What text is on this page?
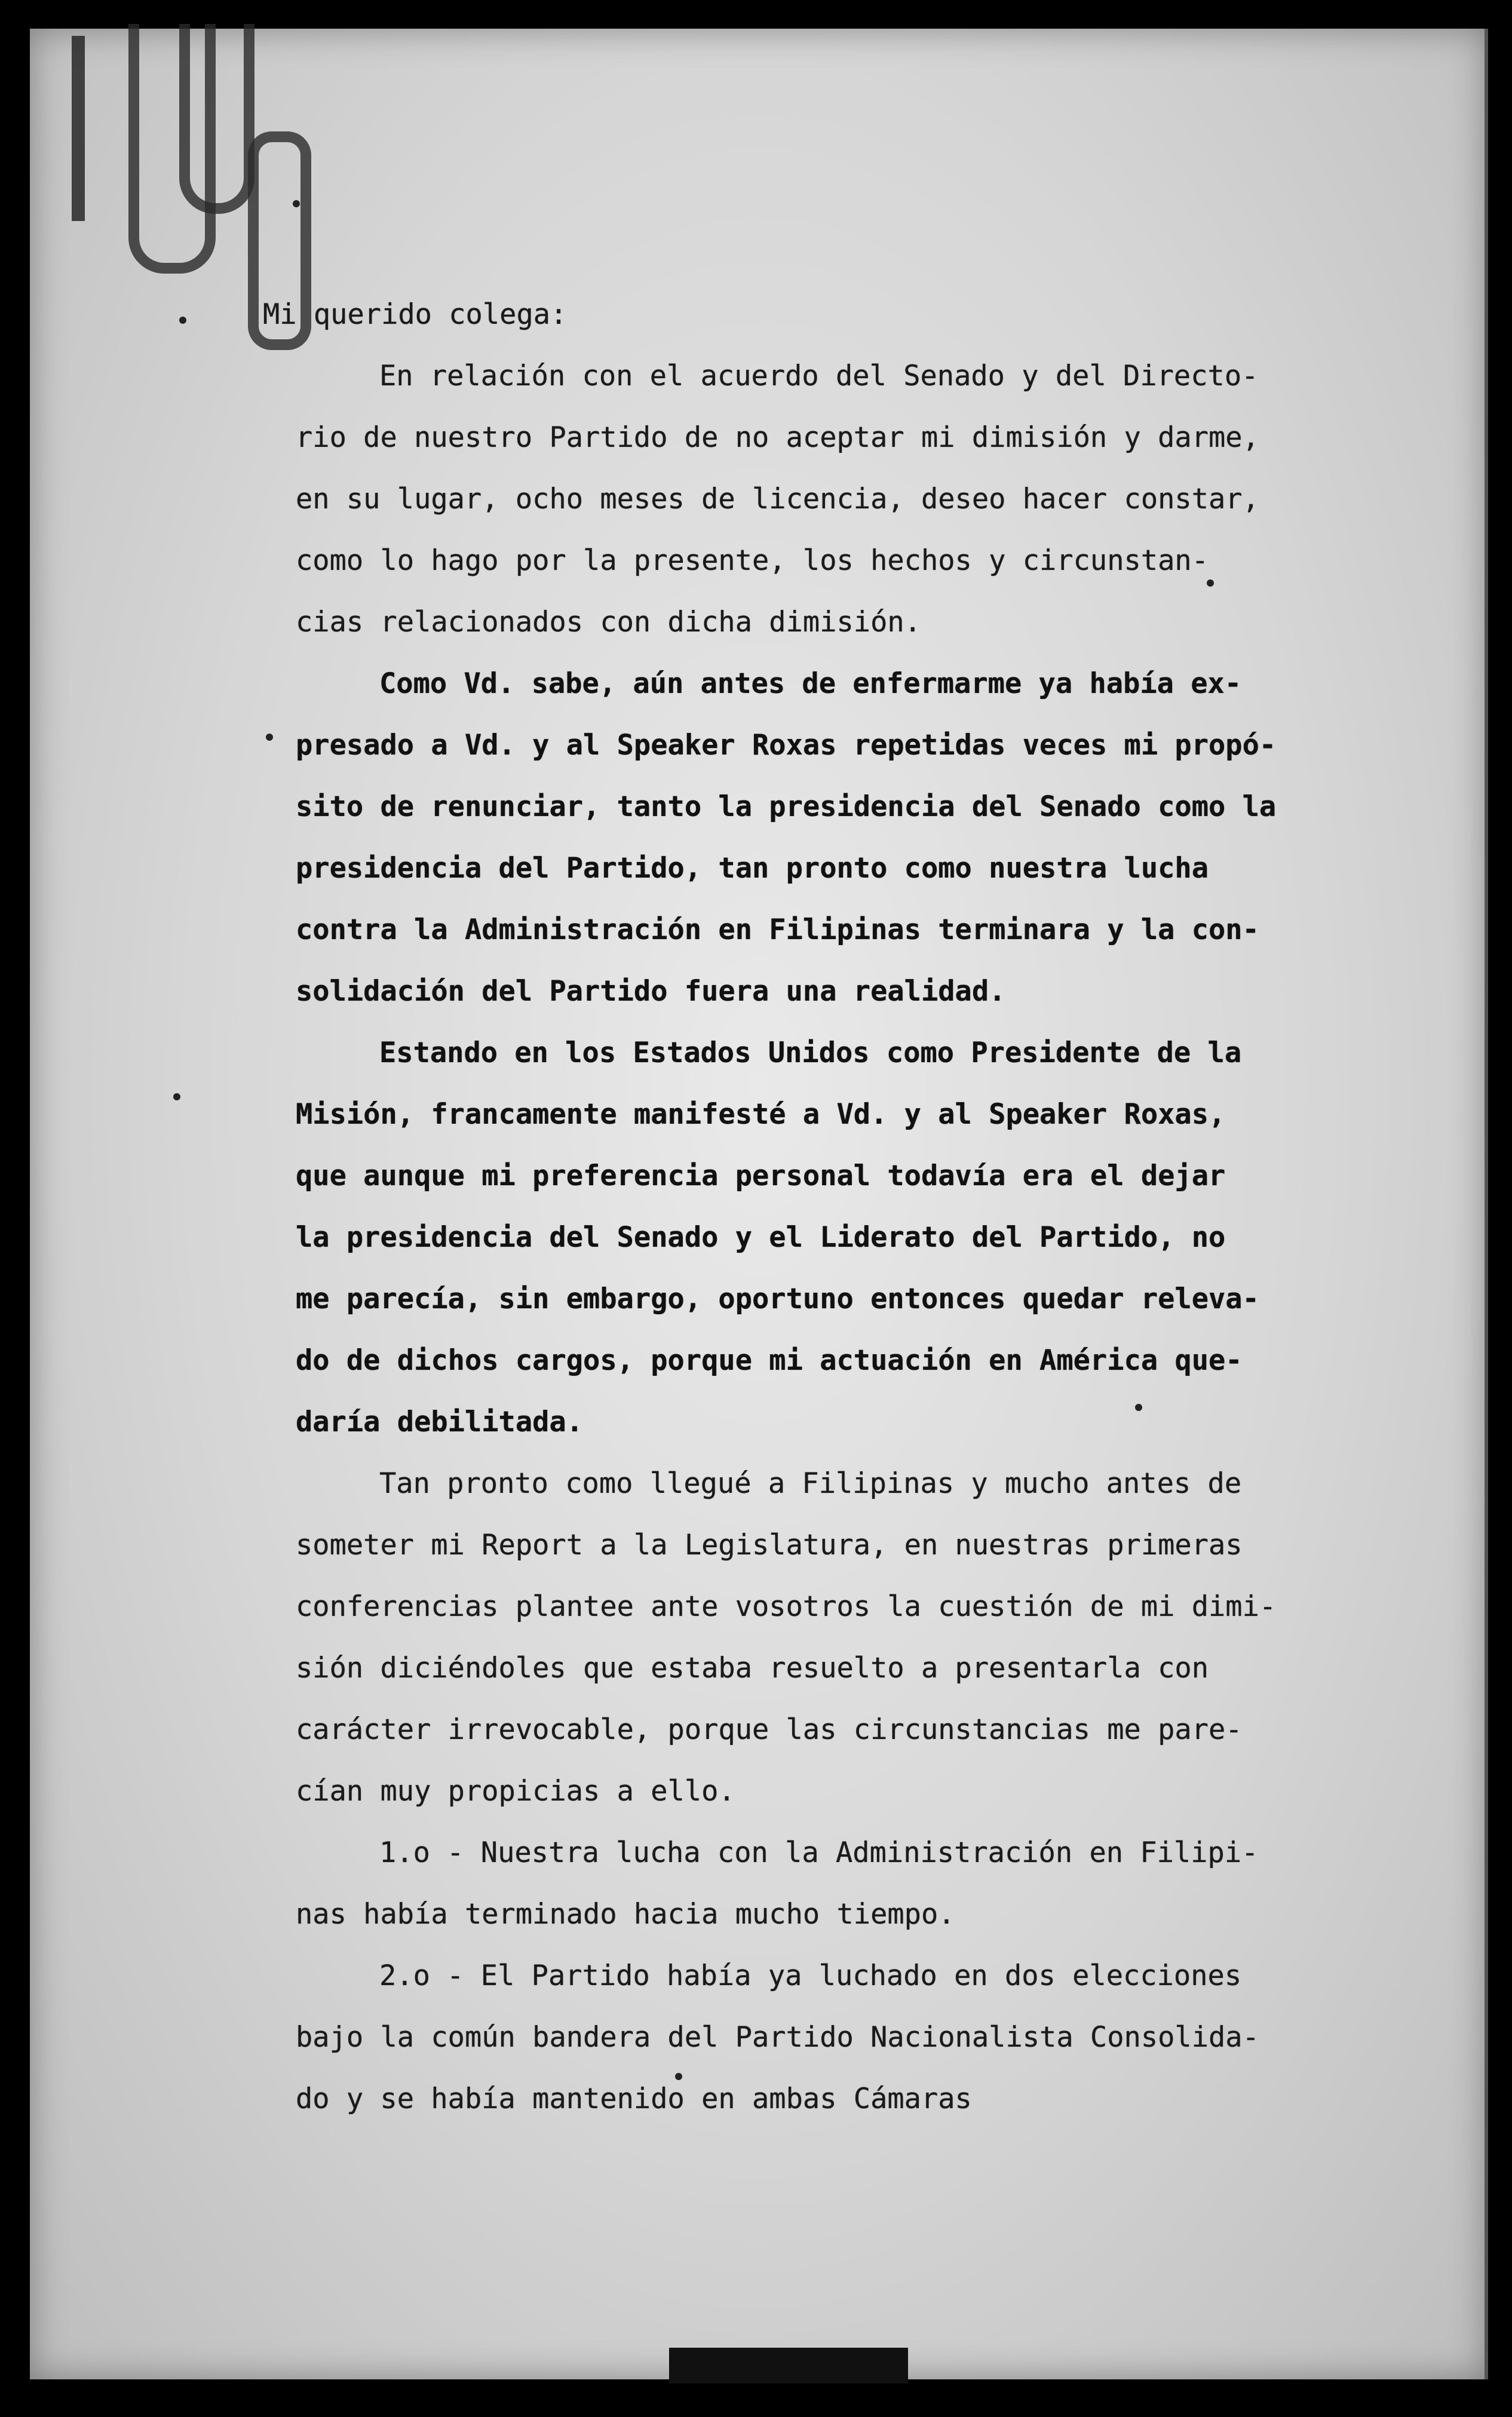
Mi querido colega:
En relación con el acuerdo del Senado y del Directo-
rio de nuestro Partido de no aceptar mi dimisión y darme,
en su lugar, ocho meses de licencia, deseo hacer constar,
como lo hago por la presente, los hechos y circunstan-
cias relacionados con dicha dimisión.
Como Vd. sabe, aún antes de enfermarme ya había ex-
presado a Vd. y al Speaker Roxas repetidas veces mi propó-
sito de renunciar, tanto la presidencia del Senado como la
presidencia del Partido, tan pronto como nuestra lucha
contra la Administración en Filipinas terminara y la con-
solidación del Partido fuera una realidad.
Estando en los Estados Unidos como Presidente de la
Misión, francamente manifesté a Vd. y al Speaker Roxas,
que aunque mi preferencia personal todavía era el dejar
la presidencia del Senado y el Liderato del Partido, no
me parecía, sin embargo, oportuno entonces quedar releva-
do de dichos cargos, porque mi actuación en América que-
daría debilitada.
Tan pronto como llegué a Filipinas y mucho antes de
someter mi Report a la Legislatura, en nuestras primeras
conferencias plantee ante vosotros la cuestión de mi dimi-
sión diciéndoles que estaba resuelto a presentarla con
carácter irrevocable, porque las circunstancias me pare-
cían muy propicias a ello.
1.o - Nuestra lucha con la Administración en Filipi-
nas había terminado hacia mucho tiempo.
2.o - El Partido había ya luchado en dos elecciones
bajo la común bandera del Partido Nacionalista Consolida-
do y se había mantenido en ambas Cámaras
